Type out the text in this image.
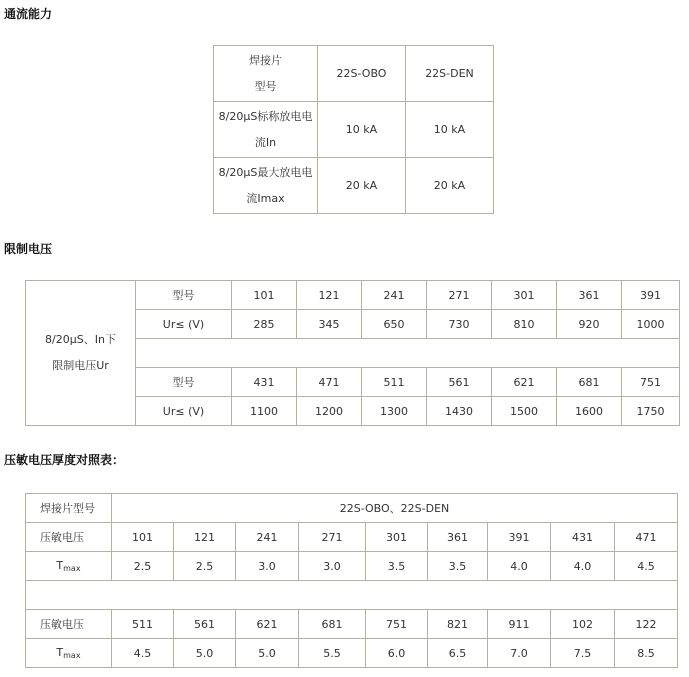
通流能力
焊接片
型号	22S-OBO	22S-DEN

8/20μS标称放电电
流In	10 kA	10 kA

8/20μS最大放电电
流Imax	20 kA	20 kA
限制电压
8/20μS、In下
限制电压Ur	型号	101	121	241	271	301	361	391
	Ur≤ (V)	285	345	650	730	810	920	1000

	型号	431	471	511	561	621	681	751
	Ur≤ (V)	1100	1200	1300	1430	1500	1600	1750
压敏电压厚度对照表：
焊接片型号	22S-OBO、22S-DEN								
压敏电压	101	121	241	271	301	361	391	431	471
Tmax	2.5	2.5	3.0	3.0	3.5	3.5	4.0	4.0	4.5

压敏电压	511	561	621	681	751	821	911	102	122
Tmax	4.5	5.0	5.0	5.5	6.0	6.5	7.0	7.5	8.5
